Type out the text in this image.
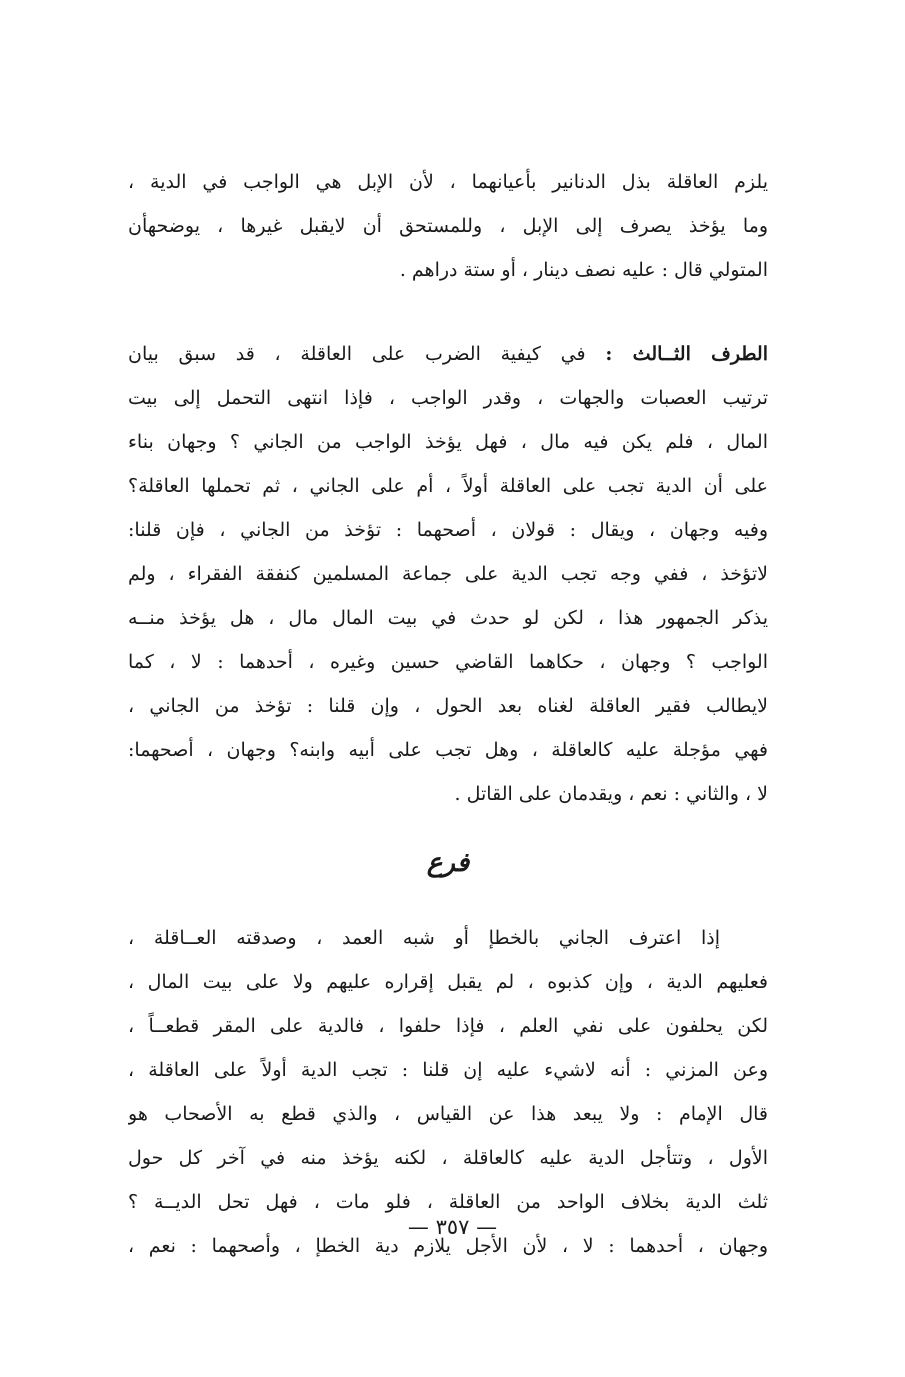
يلزم العاقلة بذل الدنانير بأعيانهما ، لأن الإبل هي الواجب في الدية ،
وما يؤخذ يصرف إلى الإبل ، وللمستحق أن لايقبل غيرها ، يوضحهأن
المتولي قال : عليه نصف دينار ، أو ستة دراهم .
الطرف الثــالث : في كيفية الضرب على العاقلة ، قد سبق بيان
ترتيب العصبات والجهات ، وقدر الواجب ، فإذا انتهى التحمل إلى بيت
المال ، فلم يكن فيه مال ، فهل يؤخذ الواجب من الجاني ؟ وجهان بناء
على أن الدية تجب على العاقلة أولاً ، أم على الجاني ، ثم تحملها العاقلة؟
وفيه وجهان ، ويقال : قولان ، أصحهما : تؤخذ من الجاني ، فإن قلنا:
لاتؤخذ ، ففي وجه تجب الدية على جماعة المسلمين كنفقة الفقراء ، ولم
يذكر الجمهور هذا ، لكن لو حدث في بيت المال مال ، هل يؤخذ منــه
الواجب ؟ وجهان ، حكاهما القاضي حسين وغيره ، أحدهما : لا ، كما
لايطالب فقير العاقلة لغناه بعد الحول ، وإن قلنا : تؤخذ من الجاني ،
فهي مؤجلة عليه كالعاقلة ، وهل تجب على أبيه وابنه؟ وجهان ، أصحهما:
لا ، والثاني : نعم ، ويقدمان على القاتل .
فرع
إذا اعترف الجاني بالخطإ أو شبه العمد ، وصدقته العــاقلة ،
فعليهم الدية ، وإن كذبوه ، لم يقبل إقراره عليهم ولا على بيت المال ،
لكن يحلفون على نفي العلم ، فإذا حلفوا ، فالدية على المقر قطعــاً ،
وعن المزني : أنه لاشيء عليه إن قلنا : تجب الدية أولاً على العاقلة ،
قال الإمام : ولا يبعد هذا عن القياس ، والذي قطع به الأصحاب هو
الأول ، وتتأجل الدية عليه كالعاقلة ، لكنه يؤخذ منه في آخر كل حول
ثلث الدية بخلاف الواحد من العاقلة ، فلو مات ، فهل تحل الديــة ؟
وجهان ، أحدهما : لا ، لأن الأجل يلازم دية الخطإ ، وأصحهما : نعم ،
— ٣٥٧ —
